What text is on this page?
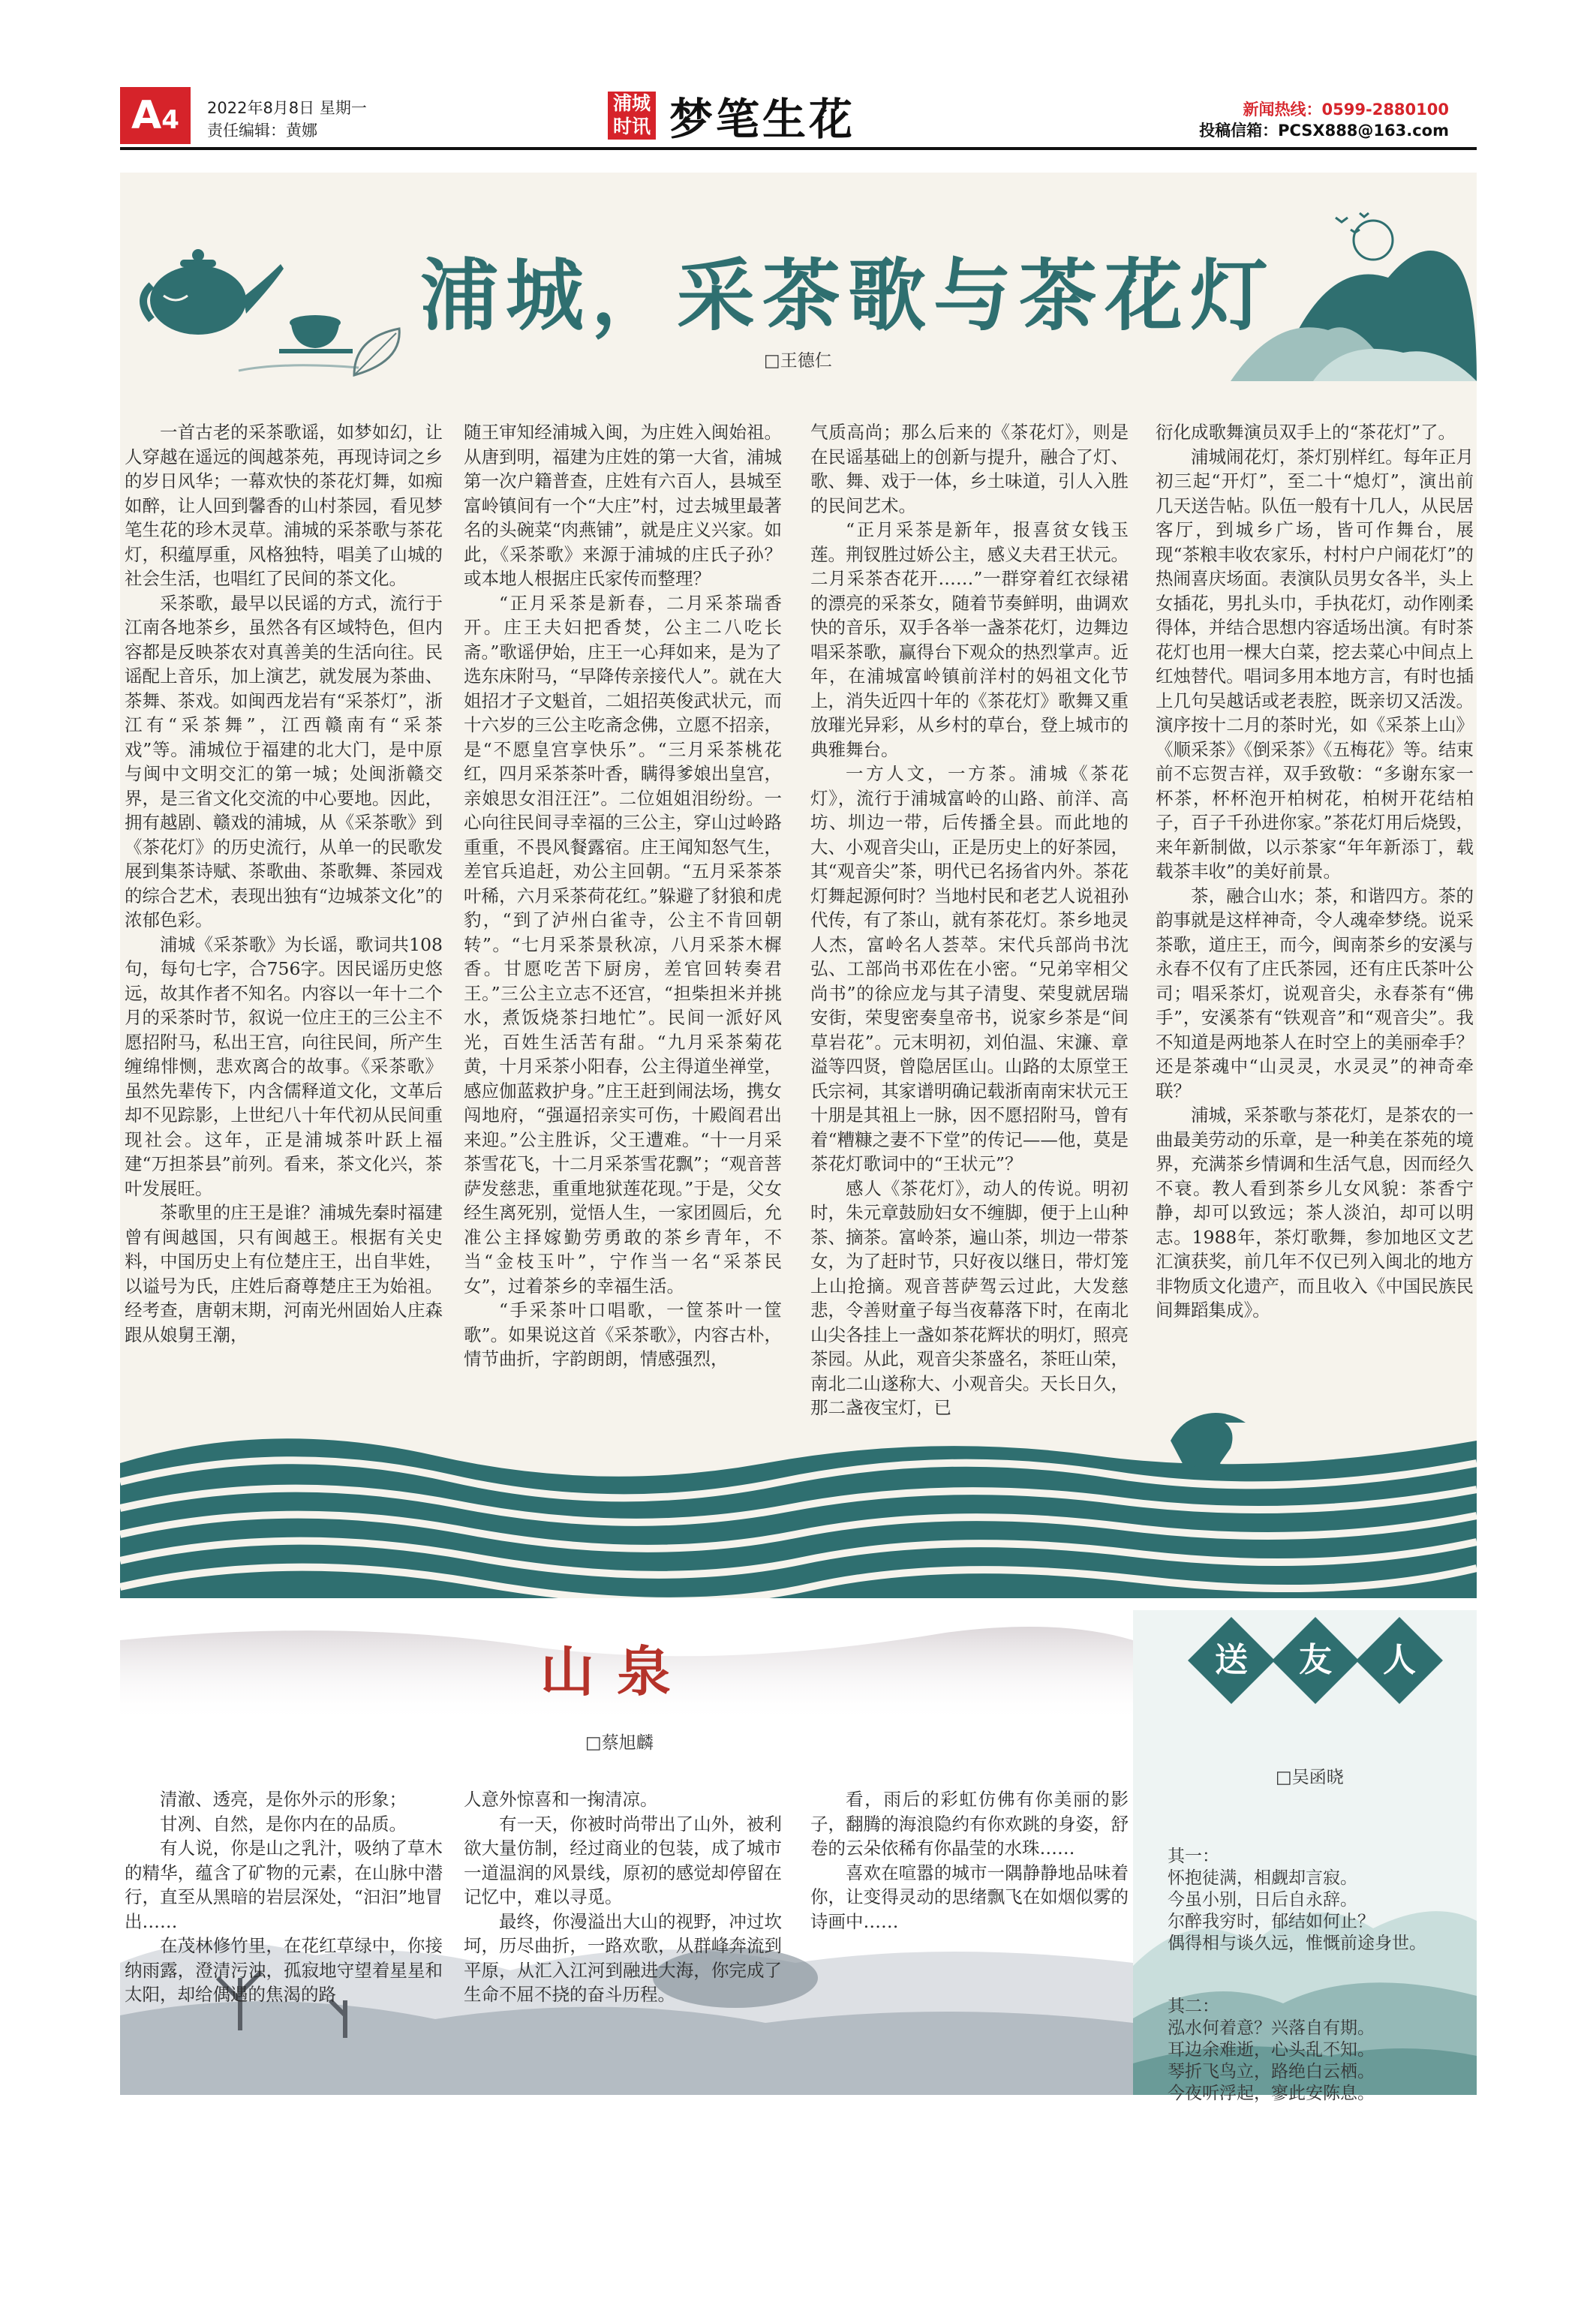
A4	2022年8月8日 星期一
责任编辑：黄娜
浦城
时讯 梦笔生花	新闻热线：0599-2880100
投稿信箱：PCSX888@163.com
浦城，采茶歌与茶花灯
□王德仁

一首古老的采茶歌谣，如梦如幻，让人穿越在遥远的闽越茶苑，再现诗词之乡的岁日风华；一幕欢快的茶花灯舞，如痴如醉，让人回到馨香的山村茶园，看见梦笔生花的珍木灵草。浦城的采茶歌与茶花灯，积蕴厚重，风格独特，唱美了山城的社会生活，也唱红了民间的茶文化。

采茶歌，最早以民谣的方式，流行于江南各地茶乡，虽然各有区域特色，但内容都是反映茶农对真善美的生活向往。民谣配上音乐，加上演艺，就发展为茶曲、茶舞、茶戏。如闽西龙岩有“采茶灯”，浙江有“采茶舞”，江西赣南有“采茶戏”等。浦城位于福建的北大门，是中原与闽中文明交汇的第一城；处闽浙赣交界，是三省文化交流的中心要地。因此，拥有越剧、赣戏的浦城，从《采茶歌》到《茶花灯》的历史流行，从单一的民歌发展到集茶诗赋、茶歌曲、茶歌舞、茶园戏的综合艺术，表现出独有“边城茶文化”的浓郁色彩。

浦城《采茶歌》为长谣，歌词共108句，每句七字，合756字。因民谣历史悠远，故其作者不知名。内容以一年十二个月的采茶时节，叙说一位庄王的三公主不愿招附马，私出王宫，向往民间，所产生缠绵悱恻，悲欢离合的故事。《采茶歌》虽然先辈传下，内含儒释道文化，文革后却不见踪影，上世纪八十年代初从民间重现社会。这年，正是浦城茶叶跃上福建“万担茶县”前列。看来，茶文化兴，茶叶发展旺。

茶歌里的庄王是谁？浦城先秦时福建曾有闽越国，只有闽越王。根据有关史料，中国历史上有位楚庄王，出自芈姓，以谥号为氏，庄姓后裔尊楚庄王为始祖。经考查，唐朝末期，河南光州固始人庄森跟从娘舅王潮，

随王审知经浦城入闽，为庄姓入闽始祖。从唐到明，福建为庄姓的第一大省，浦城第一次户籍普查，庄姓有六百人，县城至富岭镇间有一个“大庄”村，过去城里最著名的头碗菜“肉燕铺”，就是庄义兴家。如此，《采茶歌》来源于浦城的庄氏子孙？或本地人根据庄氏家传而整理？

“正月采茶是新春，二月采茶瑞香开。庄王夫妇把香焚，公主二八吃长斋。”歌谣伊始，庄王一心拜如来，是为了选东床附马，“早降传亲接代人”。就在大姐招才子文魁首，二姐招英俊武状元，而十六岁的三公主吃斋念佛，立愿不招亲，是“不愿皇宫享快乐”。“三月采茶桃花红，四月采茶茶叶香，瞒得爹娘出皇宫，亲娘思女泪汪汪”。二位姐姐泪纷纷。一心向往民间寻幸福的三公主，穿山过岭路重重，不畏风餐露宿。庄王闻知怒气生，差官兵追赶，劝公主回朝。“五月采茶茶叶稀，六月采茶荷花红。”躲避了豺狼和虎豹，“到了泸州白雀寺，公主不肯回朝转”。“七月采茶景秋凉，八月采茶木樨香。甘愿吃苦下厨房，差官回转奏君王。”三公主立志不还宫，“担柴担米并挑水，煮饭烧茶扫地忙”。民间一派好风光，百姓生活苦有甜。“九月采茶菊花黄，十月采茶小阳春，公主得道坐禅堂，感应伽蓝救护身。”庄王赶到闹法场，携女闯地府，“强逼招亲实可伤，十殿阎君出来迎。”公主胜诉，父王遭难。“十一月采茶雪花飞，十二月采茶雪花飘”；“观音菩萨发慈悲，重重地狱莲花现。”于是，父女经生离死别，觉悟人生，一家团圆后，允准公主择嫁勤劳勇敢的茶乡青年，不当“金枝玉叶”，宁作当一名“采茶民女”，过着茶乡的幸福生活。

“手采茶叶口唱歌，一筐茶叶一筐歌”。如果说这首《采茶歌》，内容古朴，情节曲折，字韵朗朗，情感强烈，

气质高尚；那么后来的《茶花灯》，则是在民谣基础上的创新与提升，融合了灯、歌、舞、戏于一体，乡土味道，引人入胜的民间艺术。

“正月采茶是新年，报喜贫女钱玉莲。荆钗胜过娇公主，感义夫君王状元。二月采茶杏花开……”一群穿着红衣绿裙的漂亮的采茶女，随着节奏鲜明，曲调欢快的音乐，双手各举一盏茶花灯，边舞边唱采茶歌，赢得台下观众的热烈掌声。近年，在浦城富岭镇前洋村的妈祖文化节上，消失近四十年的《茶花灯》歌舞又重放璀光异彩，从乡村的草台，登上城市的典雅舞台。

一方人文，一方茶。浦城《茶花灯》，流行于浦城富岭的山路、前洋、高坊、圳边一带，后传播全县。而此地的大、小观音尖山，正是历史上的好茶园，其“观音尖”茶，明代已名扬省内外。茶花灯舞起源何时？当地村民和老艺人说祖孙代传，有了茶山，就有茶花灯。茶乡地灵人杰，富岭名人荟萃。宋代兵部尚书沈弘、工部尚书邓佐在小密。“兄弟宰相父尚书”的徐应龙与其子清叟、荣叟就居瑞安街，荣叟密奏皇帝书，说家乡茶是“间草岩花”。元末明初，刘伯温、宋濂、章溢等四贤，曾隐居匡山。山路的太原堂王氏宗祠，其家谱明确记载浙南南宋状元王十朋是其祖上一脉，因不愿招附马，曾有着“糟糠之妻不下堂”的传记——他，莫是茶花灯歌词中的“王状元”？

感人《茶花灯》，动人的传说。明初时，朱元章鼓励妇女不缠脚，便于上山种茶、摘茶。富岭茶，遍山茶，圳边一带茶女，为了赶时节，只好夜以继日，带灯笼上山抢摘。观音菩萨驾云过此，大发慈悲，令善财童子每当夜幕落下时，在南北山尖各挂上一盏如茶花辉状的明灯，照亮茶园。从此，观音尖茶盛名，茶旺山荣，南北二山遂称大、小观音尖。天长日久，那二盏夜宝灯，已

衍化成歌舞演员双手上的“茶花灯”了。

浦城闹花灯，茶灯别样红。每年正月初三起“开灯”，至二十“熄灯”，演出前几天送告帖。队伍一般有十几人，从民居客厅，到城乡广场，皆可作舞台，展现“茶粮丰收农家乐，村村户户闹花灯”的热闹喜庆场面。表演队员男女各半，头上女插花，男扎头巾，手执花灯，动作刚柔得体，并结合思想内容适场出演。有时茶花灯也用一棵大白菜，挖去菜心中间点上红烛替代。唱词多用本地方言，有时也插上几句吴越话或老表腔，既亲切又活泼。演序按十二月的茶时光，如《采茶上山》《顺采茶》《倒采茶》《五梅花》等。结束前不忘贺吉祥，双手致敬：“多谢东家一杯茶，杯杯泡开柏树花，柏树开花结柏子，百子千孙进你家。”茶花灯用后烧毁，来年新制做，以示茶家“年年新添丁，载载茶丰收”的美好前景。

茶，融合山水；茶，和谐四方。茶的韵事就是这样神奇，令人魂牵梦绕。说采茶歌，道庄王，而今，闽南茶乡的安溪与永春不仅有了庄氏茶园，还有庄氏茶叶公司；唱采茶灯，说观音尖，永春茶有“佛手”，安溪茶有“铁观音”和“观音尖”。我不知道是两地茶人在时空上的美丽牵手？还是茶魂中“山灵灵，水灵灵”的神奇牵联？

浦城，采茶歌与茶花灯，是茶农的一曲最美劳动的乐章，是一种美在茶苑的境界，充满茶乡情调和生活气息，因而经久不衰。教人看到茶乡儿女风貌：茶香宁静，却可以致远；茶人淡泊，却可以明志。1988年，茶灯歌舞，参加地区文艺汇演获奖，前几年不仅已列入闽北的地方非物质文化遗产，而且收入《中国民族民间舞蹈集成》。

山泉
□蔡旭麟

清澈、透亮，是你外示的形象；

甘冽、自然，是你内在的品质。

有人说，你是山之乳汁，吸纳了草木的精华，蕴含了矿物的元素，在山脉中潜行，直至从黑暗的岩层深处，“汩汩”地冒出……

在茂林修竹里，在花红草绿中，你接纳雨露，澄清污浊，孤寂地守望着星星和太阳，却给偶遇的焦渴的路

人意外惊喜和一掬清凉。

有一天，你被时尚带出了山外，被利欲大量仿制，经过商业的包装，成了城市一道温润的风景线，原初的感觉却停留在记忆中，难以寻觅。

最终，你漫溢出大山的视野，冲过坎坷，历尽曲折，一路欢歌，从群峰奔流到平原，从汇入江河到融进大海，你完成了生命不屈不挠的奋斗历程。

看，雨后的彩虹仿佛有你美丽的影子，翻腾的海浪隐约有你欢跳的身姿，舒卷的云朵依稀有你晶莹的水珠……

喜欢在喧嚣的城市一隅静静地品味着你，让变得灵动的思绪飘飞在如烟似雾的诗画中……

送	友	人
□吴函晓
其一：
怀抱徒满，相觑却言寂。
今虽小别，日后自永辞。
尔醉我穷时，郁结如何止？
偶得相与谈久远，惟慨前途身世。
其二：
泓水何着意？兴落自有期。
耳边余难逝，心头乱不知。
琴折飞鸟立，路绝白云栖。
今夜听浮起，寥此安陈息。
